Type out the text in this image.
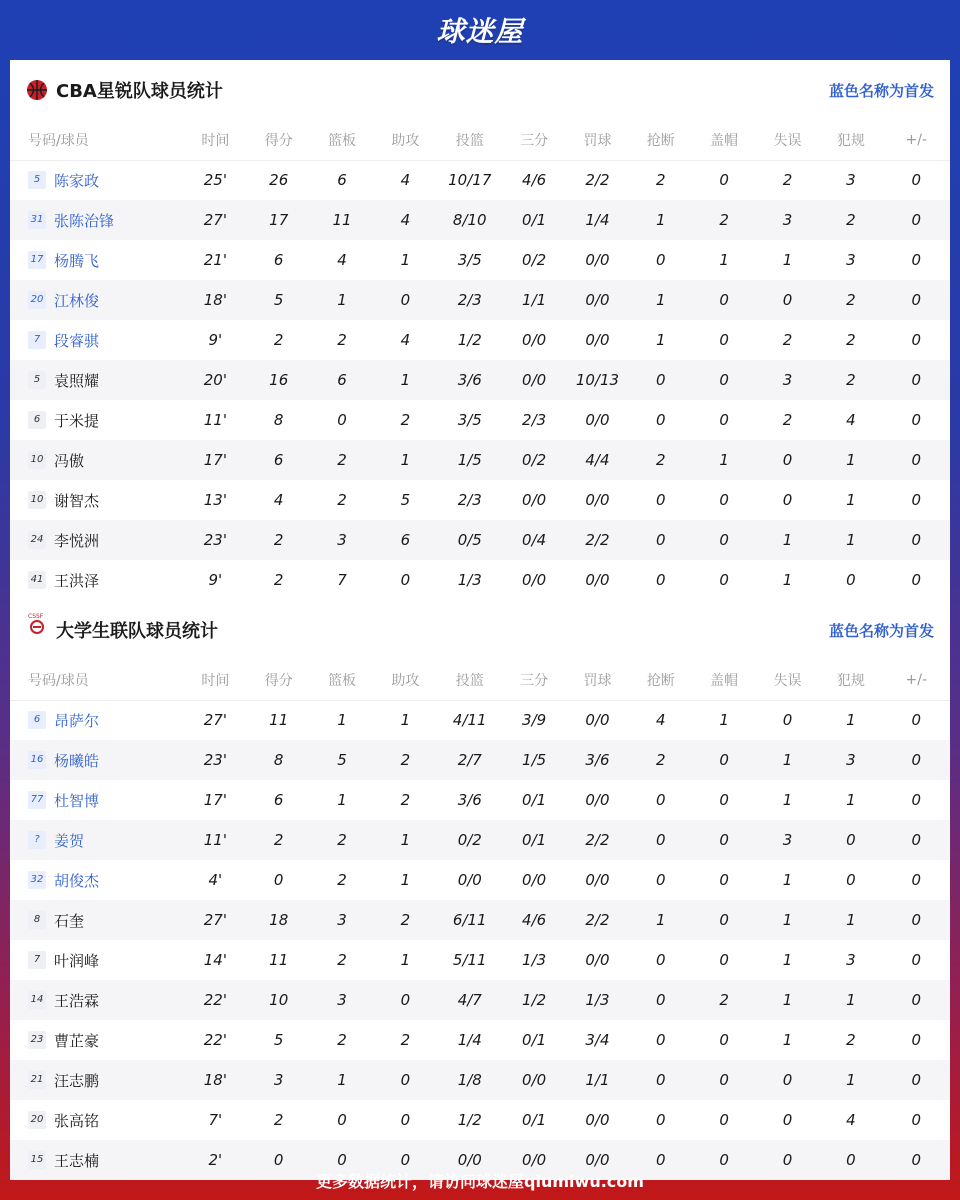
球迷屋
CBA星锐队球员统计	蓝色名称为首发
号码/球员	时间	得分	篮板	助攻	投篮	三分	罚球	抢断	盖帽	失误	犯规	+/-
5 陈家政	25'	26	6	4	10/17	4/6	2/2	2	0	2	3	0
31 张陈治锋	27'	17	11	4	8/10	0/1	1/4	1	2	3	2	0
17 杨腾飞	21'	6	4	1	3/5	0/2	0/0	0	1	1	3	0
20 江林俊	18'	5	1	0	2/3	1/1	0/0	1	0	0	2	0
7 段睿骐	9'	2	2	4	1/2	0/0	0/0	1	0	2	2	0
5 袁照耀	20'	16	6	1	3/6	0/0	10/13	0	0	3	2	0
6 于米提	11'	8	0	2	3/5	2/3	0/0	0	0	2	4	0
10 冯傲	17'	6	2	1	1/5	0/2	4/4	2	1	0	1	0
10 谢智杰	13'	4	2	5	2/3	0/0	0/0	0	0	0	1	0
24 李悦洲	23'	2	3	6	0/5	0/4	2/2	0	0	1	1	0
41 王洪泽	9'	2	7	0	1/3	0/0	0/0	0	0	1	0	0
CSSF
大学生联队球员统计	蓝色名称为首发
号码/球员	时间	得分	篮板	助攻	投篮	三分	罚球	抢断	盖帽	失误	犯规	+/-
6 昂萨尔	27'	11	1	1	4/11	3/9	0/0	4	1	0	1	0
16 杨曦皓	23'	8	5	2	2/7	1/5	3/6	2	0	1	3	0
77 杜智博	17'	6	1	2	3/6	0/1	0/0	0	0	1	1	0
? 姜贺	11'	2	2	1	0/2	0/1	2/2	0	0	3	0	0
32 胡俊杰	4'	0	2	1	0/0	0/0	0/0	0	0	1	0	0
8 石奎	27'	18	3	2	6/11	4/6	2/2	1	0	1	1	0
7 叶润峰	14'	11	2	1	5/11	1/3	0/0	0	0	1	3	0
14 王浩霖	22'	10	3	0	4/7	1/2	1/3	0	2	1	1	0
23 曹芷豪	22'	5	2	2	1/4	0/1	3/4	0	0	1	2	0
21 汪志鹏	18'	3	1	0	1/8	0/0	1/1	0	0	0	1	0
20 张高铭	7'	2	0	0	1/2	0/1	0/0	0	0	0	4	0
15 王志楠	2'	0	0	0	0/0	0/0	0/0	0	0	0	0	0
更多数据统计，请访问球迷屋qiumiwu.com
